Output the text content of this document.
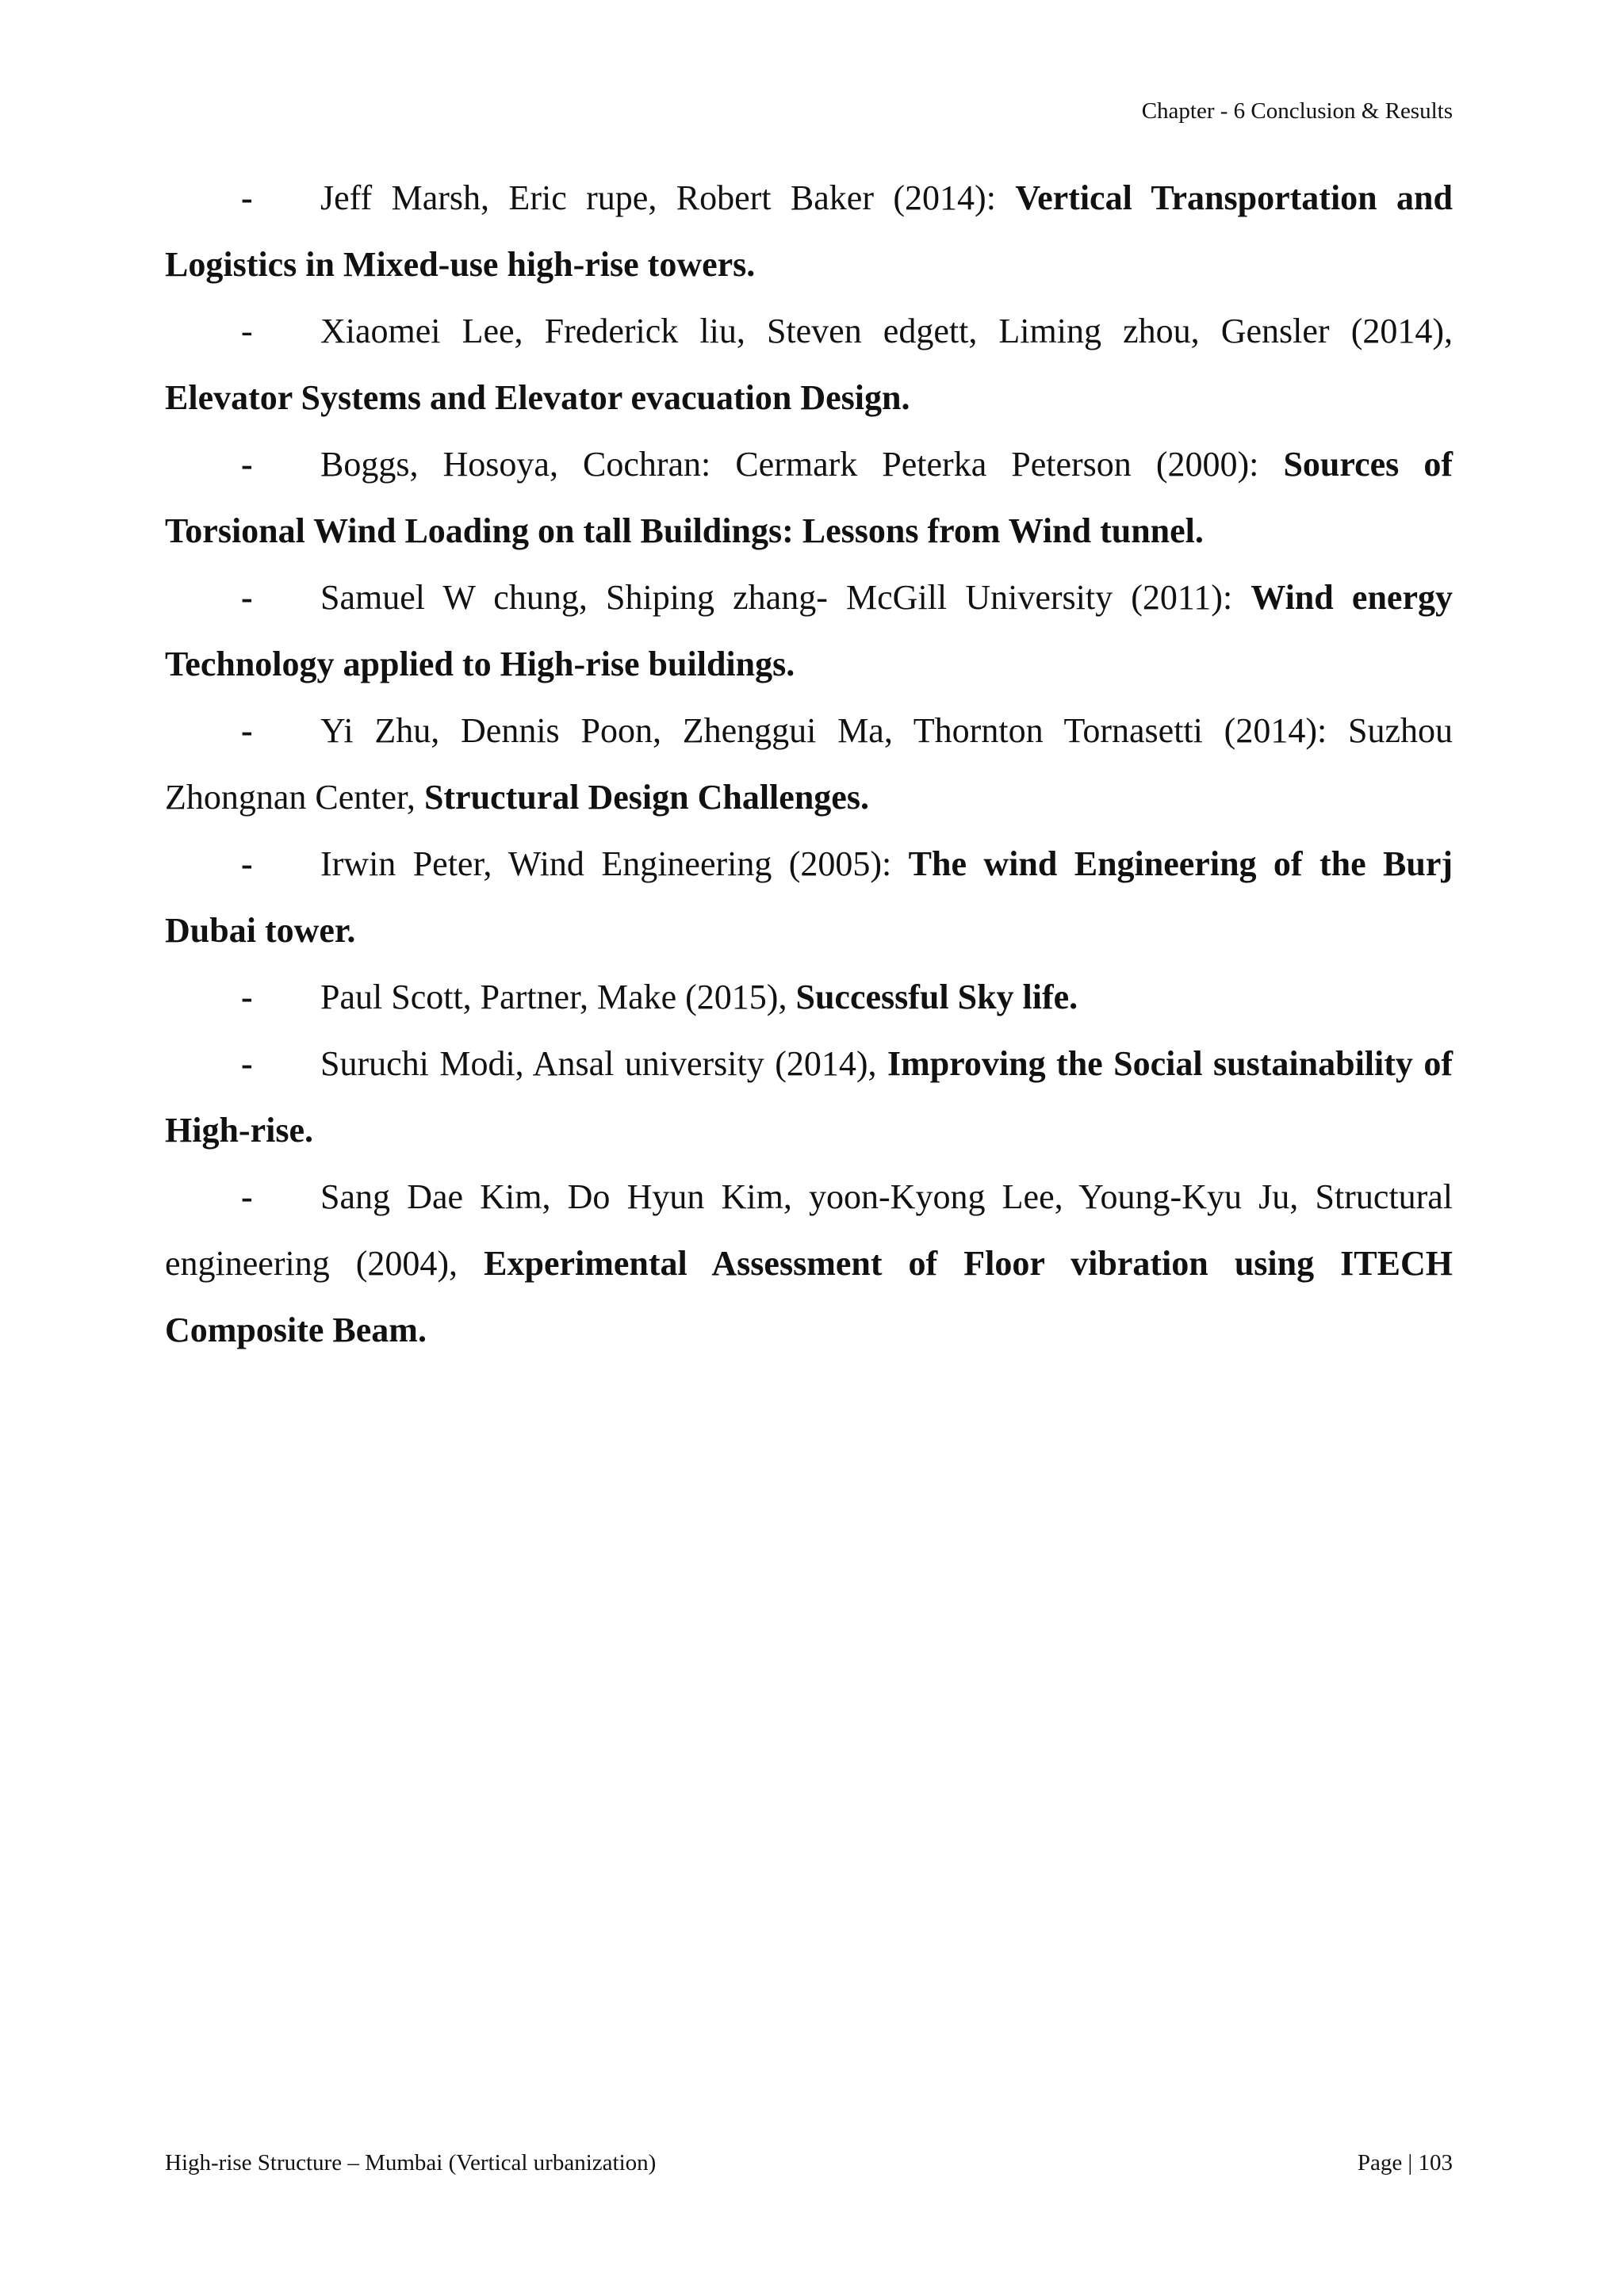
Chapter - 6 Conclusion & Results

- Jeff Marsh, Eric rupe, Robert Baker (2014): Vertical Transportation and Logistics in Mixed-use high-rise towers.

- Xiaomei Lee, Frederick liu, Steven edgett, Liming zhou, Gensler (2014), Elevator Systems and Elevator evacuation Design.

- Boggs, Hosoya, Cochran: Cermark Peterka Peterson (2000): Sources of Torsional Wind Loading on tall Buildings: Lessons from Wind tunnel.

- Samuel W chung, Shiping zhang- McGill University (2011): Wind energy Technology applied to High-rise buildings.

- Yi Zhu, Dennis Poon, Zhenggui Ma, Thornton Tornasetti (2014): Suzhou Zhongnan Center, Structural Design Challenges.

- Irwin Peter, Wind Engineering (2005): The wind Engineering of the Burj Dubai tower.

- Paul Scott, Partner, Make (2015), Successful Sky life.

- Suruchi Modi, Ansal university (2014), Improving the Social sustainability of High-rise.

- Sang Dae Kim, Do Hyun Kim, yoon-Kyong Lee, Young-Kyu Ju, Structural engineering (2004), Experimental Assessment of Floor vibration using ITECH Composite Beam.

High-rise Structure – Mumbai (Vertical urbanization)	Page | 103
